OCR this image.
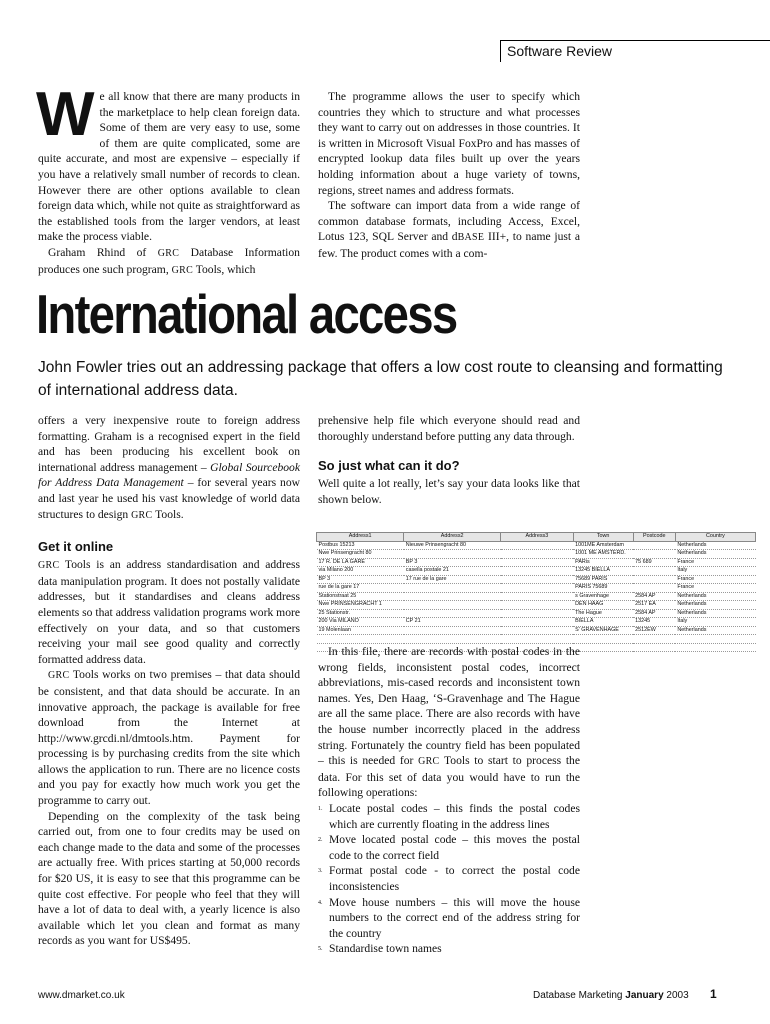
Software Review

We all know that there are many products in the marketplace to help clean foreign data. Some of them are very easy to use, some of them are quite complicated, some are quite accurate, and most are expensive – especially if you have a relatively small number of records to clean. However there are other options available to clean foreign data which, while not quite as straightforward as the established tools from the larger vendors, at least make the process viable.

Graham Rhind of GRC Database Information produces one such program, GRC Tools, which

The programme allows the user to specify which countries they which to structure and what processes they want to carry out on addresses in those countries. It is written in Microsoft Visual FoxPro and has masses of encrypted lookup data files built up over the years holding information about a huge variety of towns, regions, street names and address formats.

The software can import data from a wide range of common database formats, including Access, Excel, Lotus 123, SQL Server and dBASE III+, to name just a few. The product comes with a com-

International access

John Fowler tries out an addressing package that offers a low cost route to cleansing and formatting of international address data.

offers a very inexpensive route to foreign address formatting. Graham is a recognised expert in the field and has been producing his excellent book on international address management – Global Sourcebook for Address Data Management – for several years now and last year he used his vast knowledge of world data structures to design GRC Tools.

Get it online

GRC Tools is an address standardisation and address data manipulation program. It does not postally validate addresses, but it standardises and cleans address elements so that address validation programs work more effectively on your data, and so that customers receiving your mail see good quality and correctly formatted address data.

GRC Tools works on two premises – that data should be consistent, and that data should be accurate. In an innovative approach, the package is available for free download from the Internet at http://www.grcdi.nl/dmtools.htm. Payment for processing is by purchasing credits from the site which allows the application to run. There are no licence costs and you pay for exactly how much work you get the programme to carry out.

Depending on the complexity of the task being carried out, from one to four credits may be used on each change made to the data and some of the processes are actually free. With prices starting at 50,000 records for $20 US, it is easy to see that this programme can be quite cost effective. For people who feel that they will have a lot of data to deal with, a yearly licence is also available which let you clean and format as many records as you want for US$495.

prehensive help file which everyone should read and thoroughly understand before putting any data through.

So just what can it do?

Well quite a lot really, let’s say your data looks like that shown below.

Address1	Address2	Address3	Town	Postcode	Country
Postbus 15213	Nieuwe Prinsengracht 80		1001ME Amsterdam		Netherlands
Nwe Prinsengracht 80			1001 ME AMSTERD.		Netherlands
17 R. DE LA GARE	BP 3		PARis	75 689	France
via Milano 200	casella postale 21		13245 BIELLA		Italy
BP 3	17 rue de la gare		75689 PARIS		France
rue de la gare 17			PARIS 75689		France
Stationstraat 25			s Gravenhage	2584 AP	Netherlands
Nwe PRINSENGRACHT 1			DEN HAAG	2517 EA	Netherlands
25 Stationstr.			The Hague	2584 AP	Netherlands
200 Via MILANO	CP 21		BIELLA	13245	Italy
19 Molenlaan			S' GRAVENHAGE	2512EW	Netherlands

In this file, there are records with postal codes in the wrong fields, inconsistent postal codes, incorrect abbreviations, mis-cased records and inconsistent town names. Yes, Den Haag, ‘S-Gravenhage and The Hague are all the same place. There are also records with have the house number incorrectly placed in the address string. Fortunately the country field has been populated – this is needed for GRC Tools to start to process the data. For this set of data you would have to run the following operations:

1. Locate postal codes – this finds the postal codes which are currently floating in the address lines
2. Move located postal code – this moves the postal code to the correct field
3. Format postal code - to correct the postal code inconsistencies
4. Move house numbers – this will move the house numbers to the correct end of the address string for the country
5. Standardise town names
www.dmarket.co.uk	Database Marketing January 2003 1
